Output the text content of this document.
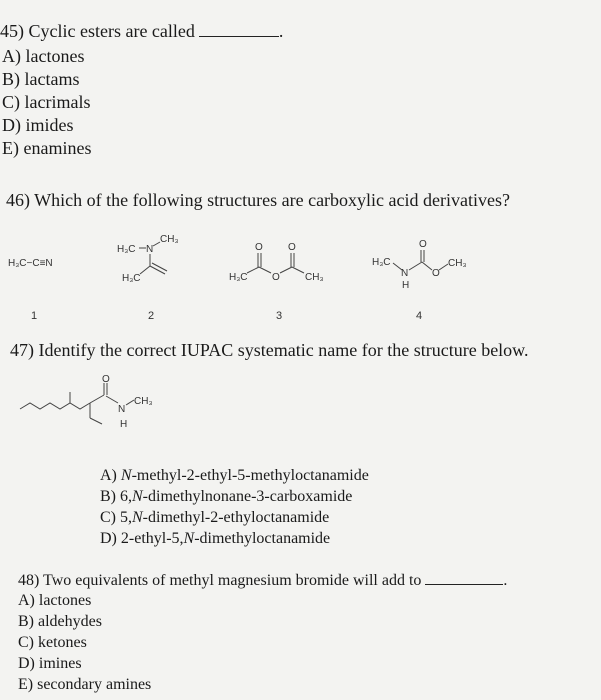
45) Cyclic esters are called	.
A) lactones
B) lactams
C) lacrimals
D) imides
E) enamines
46) Which of the following structures are carboxylic acid derivatives?
H₃C−C≡N
1
H₃C N
CH₃
H₃C
2
O	O
H₃C O	CH₃
3
O
H₃C
N
H
O
CH₃
4
47) Identify the correct IUPAC systematic name for the structure below.
O
N
CH₃
H
A) N-methyl-2-ethyl-5-methyloctanamide
B) 6,N-dimethylnonane-3-carboxamide
C) 5,N-dimethyl-2-ethyloctanamide
D) 2-ethyl-5,N-dimethyloctanamide
48) Two equivalents of methyl magnesium bromide will add to	.
A) lactones
B) aldehydes
C) ketones
D) imines
E) secondary amines
